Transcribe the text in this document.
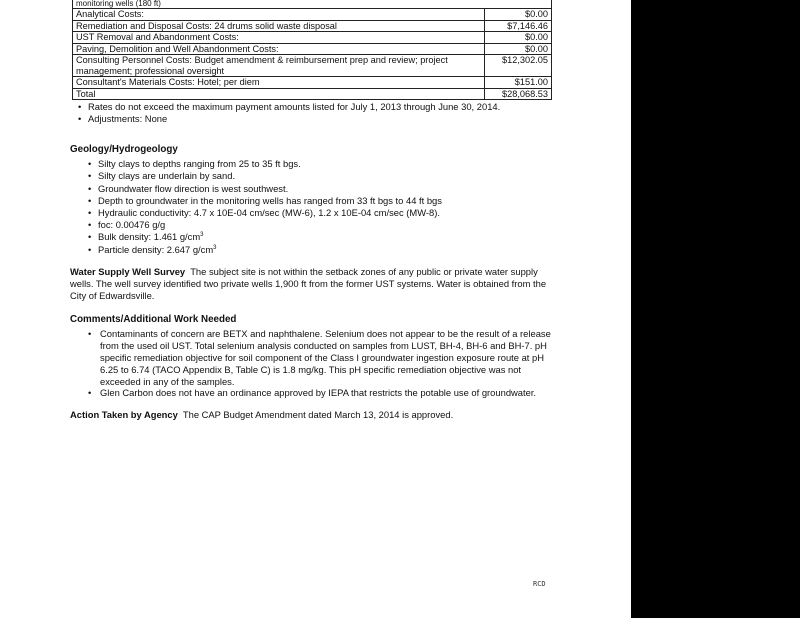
monitoring wells (180 ft)	
Analytical Costs:	$0.00
Remediation and Disposal Costs: 24 drums solid waste disposal	$7,146.46
UST Removal and Abandonment Costs:	$0.00
Paving, Demolition and Well Abandonment Costs:	$0.00
Consulting Personnel Costs: Budget amendment & reimbursement prep and review; project management; professional oversight	$12,302.05
Consultant's Materials Costs: Hotel; per diem	$151.00
Total	$28,068.53
• Rates do not exceed the maximum payment amounts listed for July 1, 2013 through June 30, 2014.
• Adjustments: None
Geology/Hydrogeology
• Silty clays to depths ranging from 25 to 35 ft bgs.
• Silty clays are underlain by sand.
• Groundwater flow direction is west southwest.
• Depth to groundwater in the monitoring wells has ranged from 33 ft bgs to 44 ft bgs
• Hydraulic conductivity: 4.7 x 10E-04 cm/sec (MW-6), 1.2 x 10E-04 cm/sec (MW-8).
• foc: 0.00476 g/g
• Bulk density: 1.461 $g/cm^3$
• Particle density: 2.647 $g/cm^3$

Water Supply Well Survey The subject site is not within the setback zones of any public or private water supply wells. The well survey identified two private wells 1,900 ft from the former UST systems. Water is obtained from the City of Edwardsville.

Comments/Additional Work Needed
• Contaminants of concern are BETX and naphthalene. Selenium does not appear to be the result of a release from the used oil UST. Total selenium analysis conducted on samples from LUST, BH-4, BH-6 and BH-7. pH specific remediation objective for soil component of the Class I groundwater ingestion exposure route at pH 6.25 to 6.74 (TACO Appendix B, Table C) is 1.8 mg/kg. This pH specific remediation objective was not exceeded in any of the samples.
• Glen Carbon does not have an ordinance approved by IEPA that restricts the potable use of groundwater.

Action Taken by Agency The CAP Budget Amendment dated March 13, 2014 is approved.

RCD
